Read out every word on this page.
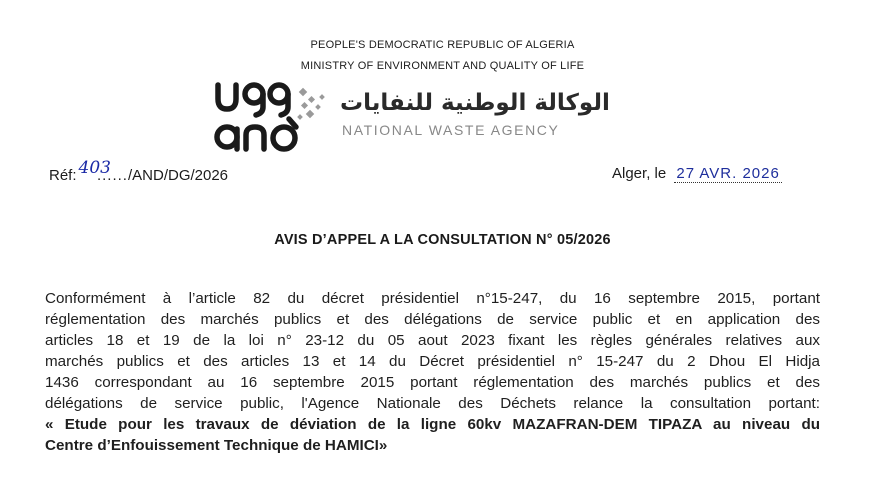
PEOPLE'S DEMOCRATIC REPUBLIC OF ALGERIA
MINISTRY OF ENVIRONMENT AND QUALITY OF LIFE
الوكالة الوطنية للنفايات
NATIONAL WASTE AGENCY
Réf: 403....../AND/DG/2026	Alger, le 27 AVR. 2026
AVIS D’APPEL A LA CONSULTATION N° 05/2026
Conformément à l’article 82 du décret présidentiel n°15-247, du 16 septembre 2015, portant
réglementation des marchés publics et des délégations de service public et en application des
articles 18 et 19 de la loi n° 23-12 du 05 aout 2023 fixant les règles générales relatives aux
marchés publics et des articles 13 et 14 du Décret présidentiel n° 15-247 du 2 Dhou El Hidja
1436 correspondant au 16 septembre 2015 portant réglementation des marchés publics et des
délégations de service public, l'Agence Nationale des Déchets relance la consultation portant:
« Etude pour les travaux de déviation de la ligne 60kv MAZAFRAN-DEM TIPAZA au niveau du
Centre d’Enfouissement Technique de HAMICI»
